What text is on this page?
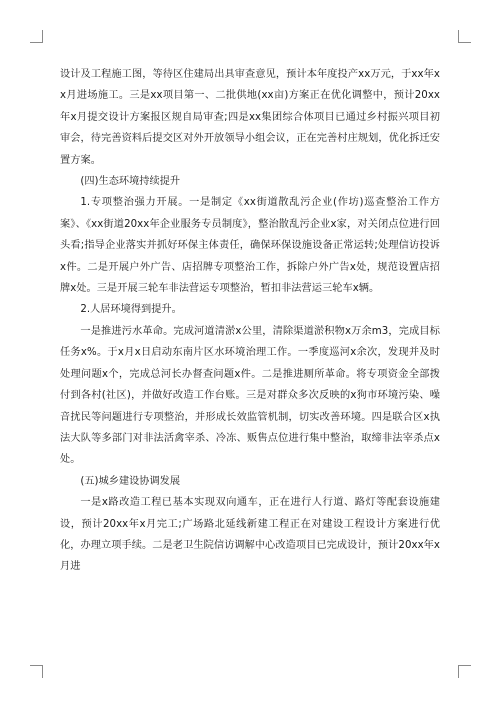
设计及工程施工图，等待区住建局出具审查意见，预计本年度投产xx万元，于xx年xx月进场施工。三是xx项目第一、二批供地(xx亩)方案正在优化调整中，预计20xx年x月提交设计方案报区规自局审查;四是xx集团综合体项目已通过乡村振兴项目初审会，待完善资料后提交区对外开放领导小组会议，正在完善村庄规划，优化拆迁安置方案。

(四)生态环境持续提升

1.专项整治强力开展。一是制定《xx街道散乱污企业(作坊)巡查整治工作方案》、《xx街道20xx年企业服务专员制度》，整治散乱污企业x家，对关闭点位进行回头看;指导企业落实并抓好环保主体责任，确保环保设施设备正常运转;处理信访投诉x件。二是开展户外广告、店招牌专项整治工作，拆除户外广告x处，规范设置店招牌x处。三是开展三轮车非法营运专项整治，暂扣非法营运三轮车x辆。

2.人居环境得到提升。

一是推进污水革命。完成河道清淤x公里，清除渠道淤积物x万余m3，完成目标任务x%。于x月x日启动东南片区水环境治理工作。一季度巡河x余次，发现并及时处理问题x个，完成总河长办督查问题x件。二是推进厕所革命。将专项资金全部拨付到各村(社区)，并做好改造工作台账。三是对群众多次反映的x狗市环境污染、噪音扰民等问题进行专项整治，并形成长效监管机制，切实改善环境。四是联合区x执法大队等多部门对非法活禽宰杀、冷冻、贩售点位进行集中整治，取缔非法宰杀点x处。

(五)城乡建设协调发展

一是x路改造工程已基本实现双向通车，正在进行人行道、路灯等配套设施建设，预计20xx年x月完工;广场路北延线新建工程正在对建设工程设计方案进行优化，办理立项手续。二是老卫生院信访调解中心改造项目已完成设计，预计20xx年x月进
